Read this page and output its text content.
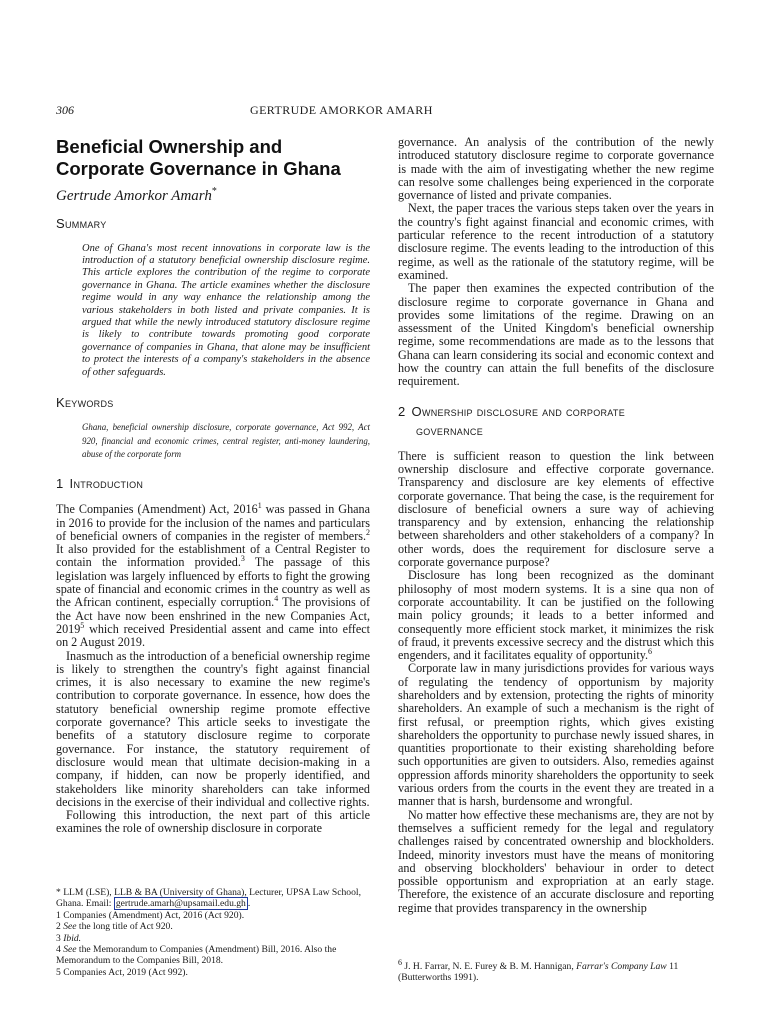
306	GERTRUDE AMORKOR AMARH
Beneficial Ownership and
Corporate Governance in Ghana
Gertrude Amorkor Amarh*
Summary

One of Ghana's most recent innovations in corporate law is the introduction of a statutory beneficial ownership disclosure regime. This article explores the contribution of the regime to corporate governance in Ghana. The article examines whether the disclosure regime would in any way enhance the relationship among the various stakeholders in both listed and private companies. It is argued that while the newly introduced statutory disclosure regime is likely to contribute towards promoting good corporate governance of companies in Ghana, that alone may be insufficient to protect the interests of a company's stakeholders in the absence of other safeguards.

Keywords

Ghana, beneficial ownership disclosure, corporate governance, Act 992, Act 920, financial and economic crimes, central register, anti-money laundering, abuse of the corporate form

1 Introduction

The Companies (Amendment) Act, 2016$^1$ was passed in Ghana in 2016 to provide for the inclusion of the names and particulars of beneficial owners of companies in the register of members.$^2$ It also provided for the establishment of a Central Register to contain the information provided.$^3$ The passage of this legislation was largely influenced by efforts to fight the growing spate of financial and economic crimes in the country as well as the African continent, especially corruption.$^4$ The provisions of the Act have now been enshrined in the new Companies Act, 2019$^5$ which received Presidential assent and came into effect on 2 August 2019.

Inasmuch as the introduction of a beneficial ownership regime is likely to strengthen the country's fight against financial crimes, it is also necessary to examine the new regime's contribution to corporate governance. In essence, how does the statutory beneficial ownership regime promote effective corporate governance? This article seeks to investigate the benefits of a statutory disclosure regime to corporate governance. For instance, the statutory requirement of disclosure would mean that ultimate decision-making in a company, if hidden, can now be properly identified, and stakeholders like minority shareholders can take informed decisions in the exercise of their individual and collective rights.

Following this introduction, the next part of this article examines the role of ownership disclosure in corporate

* LLM (LSE), LLB & BA (University of Ghana), Lecturer, UPSA Law School, Ghana. Email: gertrude.amarh@upsamail.edu.gh .

1 Companies (Amendment) Act, 2016 (Act 920).

2 See the long title of Act 920.

3 Ibid.

4 See the Memorandum to Companies (Amendment) Bill, 2016. Also the Memorandum to the Companies Bill, 2018.

5 Companies Act, 2019 (Act 992).

governance. An analysis of the contribution of the newly introduced statutory disclosure regime to corporate governance is made with the aim of investigating whether the new regime can resolve some challenges being experienced in the corporate governance of listed and private companies.

Next, the paper traces the various steps taken over the years in the country's fight against financial and economic crimes, with particular reference to the recent introduction of a statutory disclosure regime. The events leading to the introduction of this regime, as well as the rationale of the statutory regime, will be examined.

The paper then examines the expected contribution of the disclosure regime to corporate governance in Ghana and provides some limitations of the regime. Drawing on an assessment of the United Kingdom's beneficial ownership regime, some recommendations are made as to the lessons that Ghana can learn considering its social and economic context and how the country can attain the full benefits of the disclosure requirement.

2 Ownership disclosure and corporate
governance

There is sufficient reason to question the link between ownership disclosure and effective corporate governance. Transparency and disclosure are key elements of effective corporate governance. That being the case, is the requirement for disclosure of beneficial owners a sure way of achieving transparency and by extension, enhancing the relationship between shareholders and other stakeholders of a company? In other words, does the requirement for disclosure serve a corporate governance purpose?

Disclosure has long been recognized as the dominant philosophy of most modern systems. It is a sine qua non of corporate accountability. It can be justified on the following main policy grounds; it leads to a better informed and consequently more efficient stock market, it minimizes the risk of fraud, it prevents excessive secrecy and the distrust which this engenders, and it facilitates equality of opportunity.$^6$

Corporate law in many jurisdictions provides for various ways of regulating the tendency of opportunism by majority shareholders and by extension, protecting the rights of minority shareholders. An example of such a mechanism is the right of first refusal, or preemption rights, which gives existing shareholders the opportunity to purchase newly issued shares, in quantities proportionate to their existing shareholding before such opportunities are given to outsiders. Also, remedies against oppression affords minority shareholders the opportunity to seek various orders from the courts in the event they are treated in a manner that is harsh, burdensome and wrongful.

No matter how effective these mechanisms are, they are not by themselves a sufficient remedy for the legal and regulatory challenges raised by concentrated ownership and blockholders. Indeed, minority investors must have the means of monitoring and observing blockholders' behaviour in order to detect possible opportunism and expropriation at an early stage. Therefore, the existence of an accurate disclosure and reporting regime that provides transparency in the ownership

$^6$ J. H. Farrar, N. E. Furey & B. M. Hannigan, Farrar's Company Law 11 (Butterworths 1991).
